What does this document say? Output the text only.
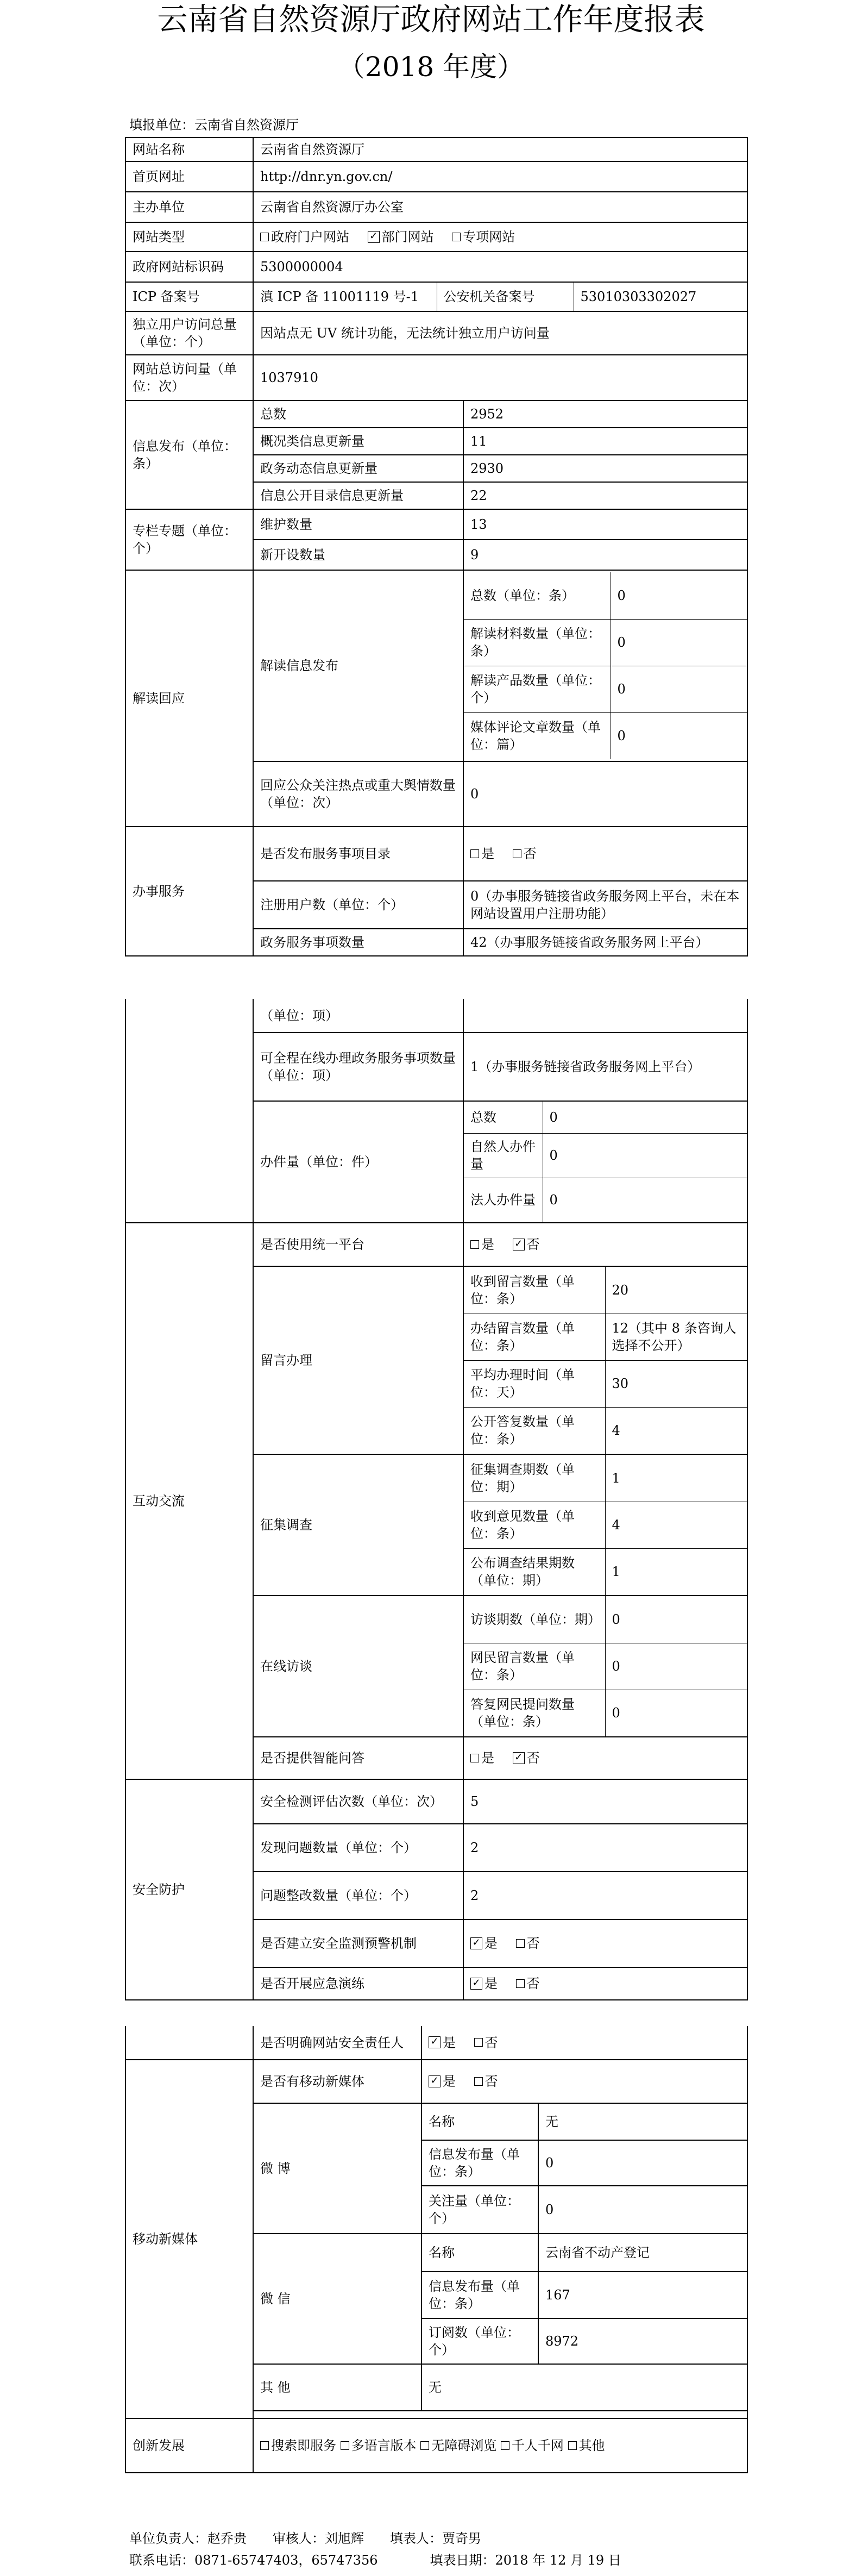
云南省自然资源厅政府网站工作年度报表
（2018 年度）
填报单位：云南省自然资源厅
网站名称	云南省自然资源厅
首页网址	http://dnr.yn.gov.cn/
主办单位	云南省自然资源厅办公室
网站类型	政府门户网站 ✓ 部门网站 专项网站
政府网站标识码	5300000004
ICP 备案号		滇 ICP 备 11001119 号-1	公安机关备案号	53010303302027

独立用户访问总量（单位：个）	因站点无 UV 统计功能，无法统计独立用户访问量
网站总访问量（单位：次）	1037910
信息发布（单位：条）	总数	2952
概况类信息更新量	11
政务动态信息更新量	2930
信息公开目录信息更新量	22
专栏专题（单位：个）	维护数量	13
新开设数量	9
解读回应	解读信息发布	
总数（单位：条）	0
解读材料数量（单位：条）	0
解读产品数量（单位：个）	0
媒体评论文章数量（单位：篇）	0

回应公众关注热点或重大舆情数量（单位：次）	0
办事服务	是否发布服务事项目录	是 否
注册用户数（单位：个）	0（办事服务链接省政务服务网上平台，未在本网站设置用户注册功能）
政务服务事项数量	42（办事服务链接省政务服务网上平台）
	（单位：项）	
可全程在线办理政务服务事项数量（单位：项）	1（办事服务链接省政务服务网上平台）
办件量（单位：件）	
总数	0
自然人办件量	0
法人办件量	0

互动交流	是否使用统一平台	是 ✓ 否
留言办理	
收到留言数量（单位：条）	20
办结留言数量（单位：条）	12（其中 8 条咨询人选择不公开）
平均办理时间（单位：天）	30
公开答复数量（单位：条）	4

征集调查	
征集调查期数（单位：期）	1
收到意见数量（单位：条）	4
公布调查结果期数（单位：期）	1

在线访谈	
访谈期数（单位：期）	0
网民留言数量（单位：条）	0
答复网民提问数量（单位：条）	0

是否提供智能问答	是 ✓ 否
安全防护	安全检测评估次数（单位：次）	5
发现问题数量（单位：个）	2
问题整改数量（单位：个）	2
是否建立安全监测预警机制	✓ 是 否
是否开展应急演练	✓ 是 否
	是否明确网站安全责任人	✓ 是 否	
移动新媒体	是否有移动新媒体	✓ 是 否	
	微 博	名称	无
		信息发布量（单位：条）	0
		关注量（单位：个）	0
	微 信	名称	云南省不动产登记
		信息发布量（单位：条）	167
		订阅数（单位：个）	8972
	其 他	无	

创新发展	搜索即服务 多语言版本 无障碍浏览 千人千网 其他		
单位负责人：赵乔贵　　审核人：刘旭辉　　填表人：贾奇男
联系电话：0871-65747403，65747356　　　　填表日期：2018 年 12 月 19 日
